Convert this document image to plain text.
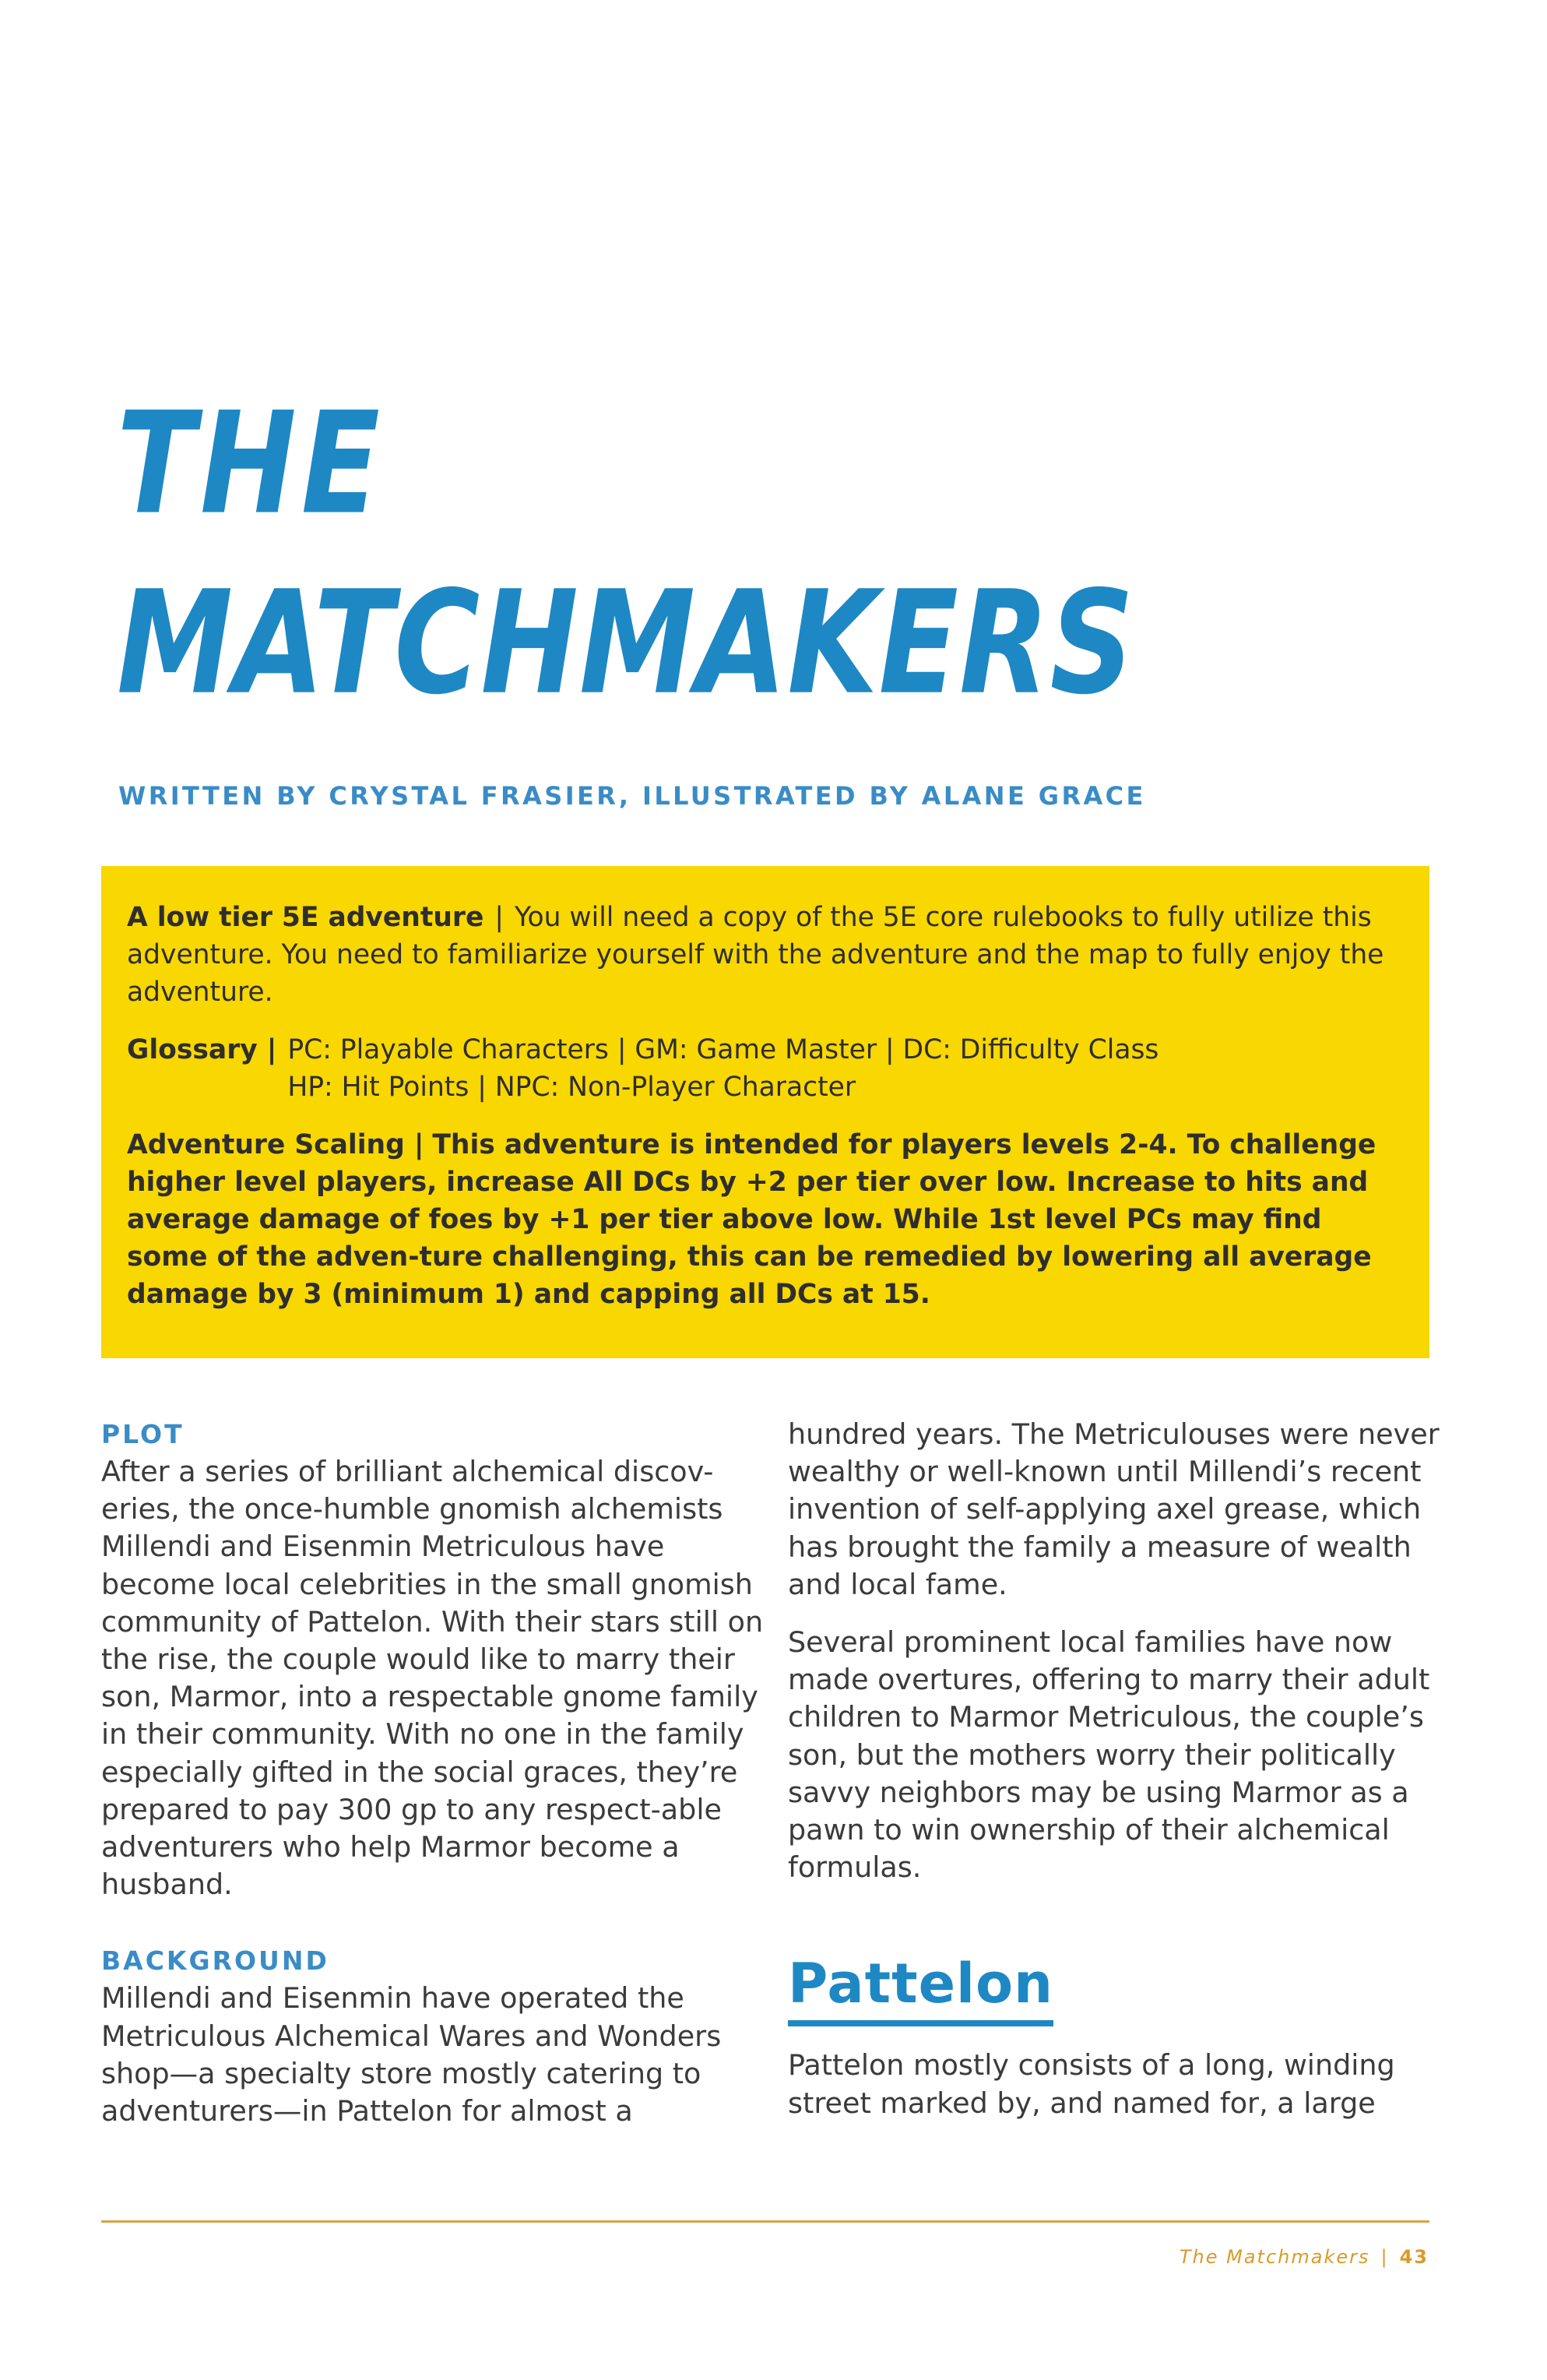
THE
MATCHMAKERS
WRITTEN BY CRYSTAL FRASIER, ILLUSTRATED BY ALANE GRACE

A low tier 5E adventure | You will need a copy of the 5E core rulebooks to fully utilize this adventure. You need to familiarize yourself with the adventure and the map to fully enjoy the adventure.

Glossary | PC: Playable Characters | GM: Game Master | DC: Difficulty Class
HP: Hit Points | NPC: Non-Player Character

Adventure Scaling | This adventure is intended for players levels 2-4. To challenge higher level players, increase All DCs by +2 per tier over low. Increase to hits and average damage of foes by +1 per tier above low. While 1st level PCs may find some of the adven-ture challenging, this can be remedied by lowering all average damage by 3 (minimum 1) and capping all DCs at 15.

PLOT

After a series of brilliant alchemical discov-eries, the once-humble gnomish alchemists Millendi and Eisenmin Metriculous have become local celebrities in the small gnomish community of Pattelon. With their stars still on the rise, the couple would like to marry their son, Marmor, into a respectable gnome family in their community. With no one in the family especially gifted in the social graces, they’re prepared to pay 300 gp to any respect-able adventurers who help Marmor become a husband.

BACKGROUND

Millendi and Eisenmin have operated the Metriculous Alchemical Wares and Wonders shop—a specialty store mostly catering to adventurers—in Pattelon for almost a

hundred years. The Metriculouses were never wealthy or well-known until Millendi’s recent invention of self-applying axel grease, which has brought the family a measure of wealth and local fame.

Several prominent local families have now made overtures, offering to marry their adult children to Marmor Metriculous, the couple’s son, but the mothers worry their politically savvy neighbors may be using Marmor as a pawn to win ownership of their alchemical formulas.

Pattelon

Pattelon mostly consists of a long, winding street marked by, and named for, a large

The Matchmakers | 43
